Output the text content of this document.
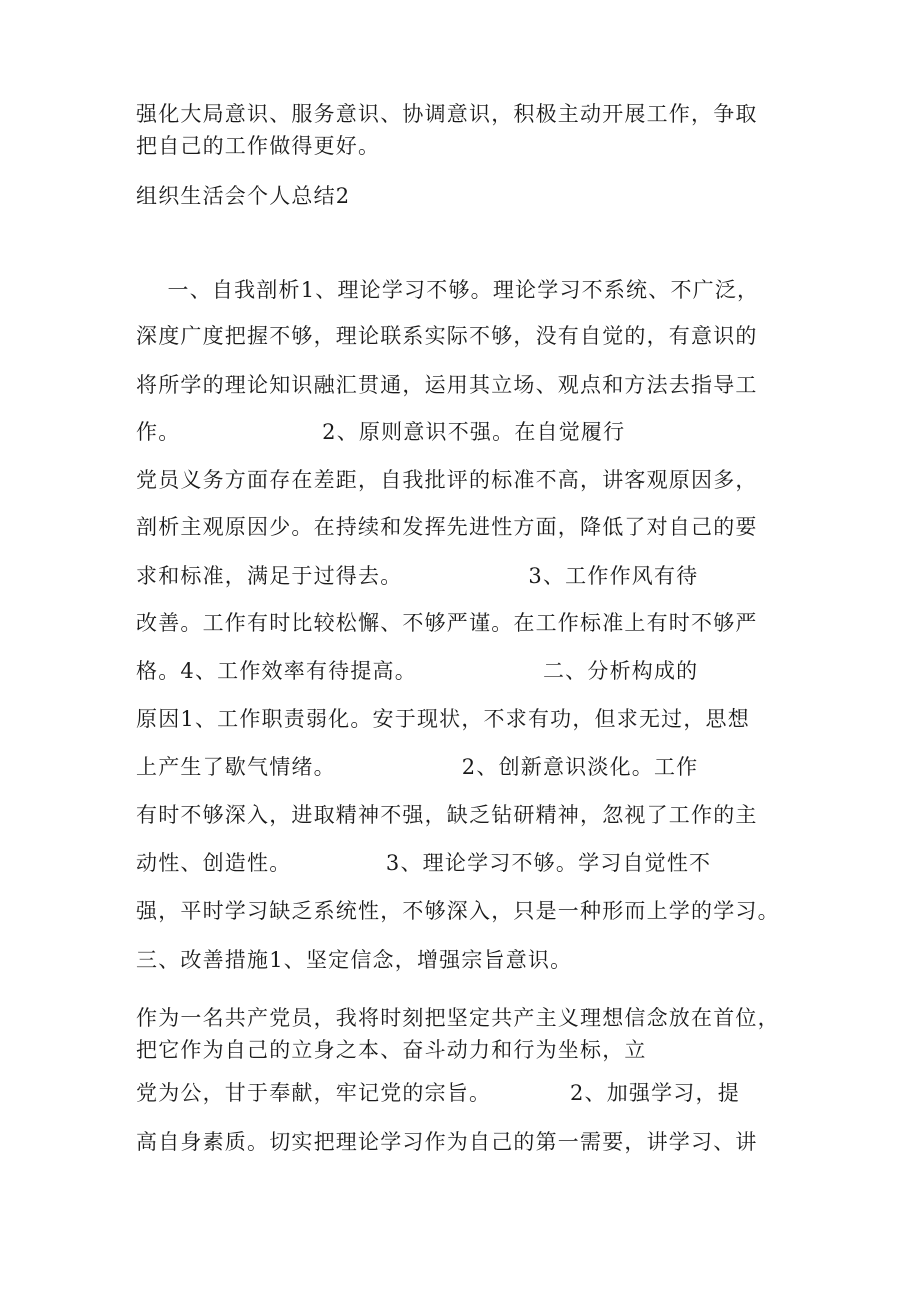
强化大局意识、服务意识、协调意识，积极主动开展工作，争取
把自己的工作做得更好。
组织生活会个人总结2
一、自我剖析1、理论学习不够。理论学习不系统、不广泛，
深度广度把握不够，理论联系实际不够，没有自觉的，有意识的
将所学的理论知识融汇贯通，运用其立场、观点和方法去指导工
作。                  2、原则意识不强。在自觉履行
党员义务方面存在差距，自我批评的标准不高，讲客观原因多，
剖析主观原因少。在持续和发挥先进性方面，降低了对自己的要
求和标准，满足于过得去。                3、工作作风有待
改善。工作有时比较松懈、不够严谨。在工作标准上有时不够严
格。4、工作效率有待提高。                二、分析构成的
原因1、工作职责弱化。安于现状，不求有功，但求无过，思想
上产生了歇气情绪。                2、创新意识淡化。工作
有时不够深入，进取精神不强，缺乏钻研精神，忽视了工作的主
动性、创造性。            3、理论学习不够。学习自觉性不
强，平时学习缺乏系统性，不够深入，只是一种形而上学的学习。
三、改善措施1、坚定信念，增强宗旨意识。
作为一名共产党员，我将时刻把坚定共产主义理想信念放在首位，
把它作为自己的立身之本、奋斗动力和行为坐标，立
党为公，甘于奉献，牢记党的宗旨。          2、加强学习，提
高自身素质。切实把理论学习作为自己的第一需要，讲学习、讲
